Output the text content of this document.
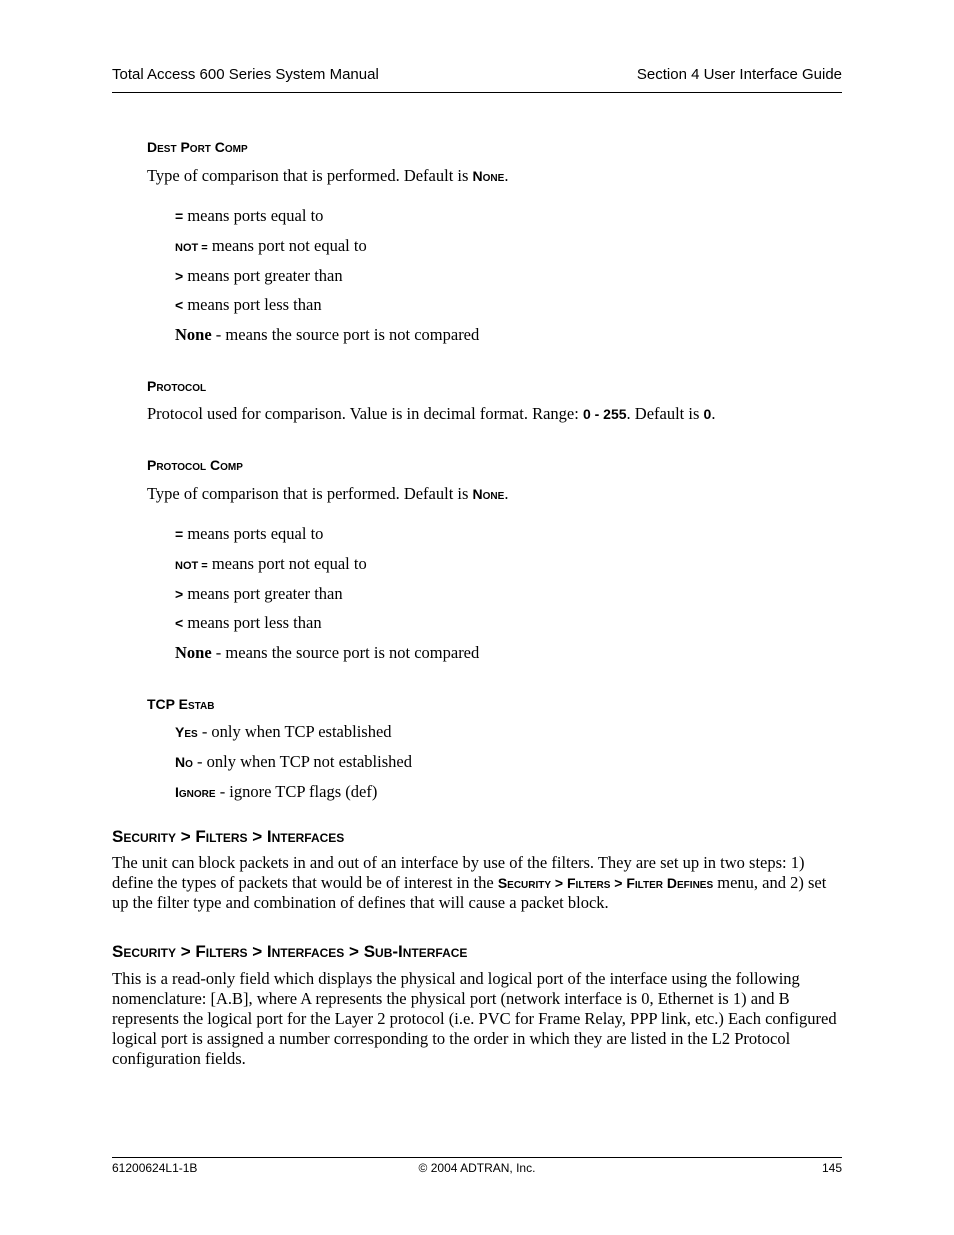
Total Access 600 Series System Manual	Section 4 User Interface Guide
Dest Port Comp

Type of comparison that is performed. Default is None.

= means ports equal to

NOT = means port not equal to

> means port greater than

< means port less than

None - means the source port is not compared

Protocol

Protocol used for comparison. Value is in decimal format. Range: 0 - 255. Default is 0.

Protocol Comp

Type of comparison that is performed. Default is None.

= means ports equal to

NOT = means port not equal to

> means port greater than

< means port less than

None - means the source port is not compared

TCP Estab

Yes - only when TCP established

No - only when TCP not established

Ignore - ignore TCP flags (def)

Security > Filters > Interfaces

The unit can block packets in and out of an interface by use of the filters. They are set up in two steps: 1) define the types of packets that would be of interest in the Security > Filters > Filter Defines menu, and 2) set up the filter type and combination of defines that will cause a packet block.

Security > Filters > Interfaces > Sub-Interface

This is a read-only field which displays the physical and logical port of the interface using the following nomenclature: [A.B], where A represents the physical port (network interface is 0, Ethernet is 1) and B represents the logical port for the Layer 2 protocol (i.e. PVC for Frame Relay, PPP link, etc.) Each configured logical port is assigned a number corresponding to the order in which they are listed in the L2 Protocol configuration fields.

61200624L1-1B	© 2004 ADTRAN, Inc.	145
